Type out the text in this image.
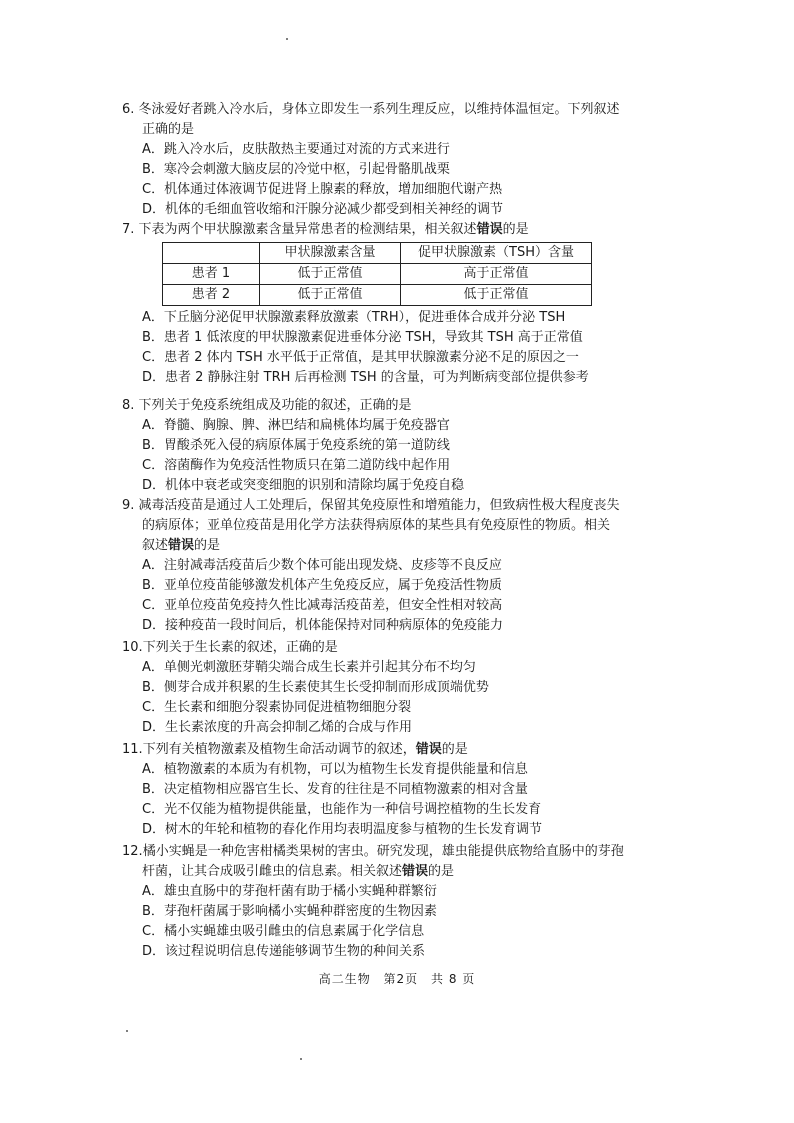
6. 冬泳爱好者跳入冷水后，身体立即发生一系列生理反应，以维持体温恒定。下列叙述
正确的是
A．跳入冷水后，皮肤散热主要通过对流的方式来进行
B．寒冷会刺激大脑皮层的冷觉中枢，引起骨骼肌战栗
C．机体通过体液调节促进肾上腺素的释放，增加细胞代谢产热
D．机体的毛细血管收缩和汗腺分泌减少都受到相关神经的调节
7. 下表为两个甲状腺激素含量异常患者的检测结果，相关叙述错误的是
	甲状腺激素含量	促甲状腺激素（TSH）含量
患者 1	低于正常值	高于正常值
患者 2	低于正常值	低于正常值
A．下丘脑分泌促甲状腺激素释放激素（TRH），促进垂体合成并分泌 TSH
B．患者 1 低浓度的甲状腺激素促进垂体分泌 TSH，导致其 TSH 高于正常值
C．患者 2 体内 TSH 水平低于正常值，是其甲状腺激素分泌不足的原因之一
D．患者 2 静脉注射 TRH 后再检测 TSH 的含量，可为判断病变部位提供参考
8. 下列关于免疫系统组成及功能的叙述，正确的是
A．脊髓、胸腺、脾、淋巴结和扁桃体均属于免疫器官
B．胃酸杀死入侵的病原体属于免疫系统的第一道防线
C．溶菌酶作为免疫活性物质只在第二道防线中起作用
D．机体中衰老或突变细胞的识别和清除均属于免疫自稳
9. 减毒活疫苗是通过人工处理后，保留其免疫原性和增殖能力，但致病性极大程度丧失
的病原体；亚单位疫苗是用化学方法获得病原体的某些具有免疫原性的物质。相关
叙述错误的是
A．注射减毒活疫苗后少数个体可能出现发烧、皮疹等不良反应
B．亚单位疫苗能够激发机体产生免疫反应，属于免疫活性物质
C．亚单位疫苗免疫持久性比减毒活疫苗差，但安全性相对较高
D．接种疫苗一段时间后，机体能保持对同种病原体的免疫能力
10.下列关于生长素的叙述，正确的是
A．单侧光刺激胚芽鞘尖端合成生长素并引起其分布不均匀
B．侧芽合成并积累的生长素使其生长受抑制而形成顶端优势
C．生长素和细胞分裂素协同促进植物细胞分裂
D．生长素浓度的升高会抑制乙烯的合成与作用
11.下列有关植物激素及植物生命活动调节的叙述，错误的是
A．植物激素的本质为有机物，可以为植物生长发育提供能量和信息
B．决定植物相应器官生长、发育的往往是不同植物激素的相对含量
C．光不仅能为植物提供能量，也能作为一种信号调控植物的生长发育
D．树木的年轮和植物的春化作用均表明温度参与植物的生长发育调节
12.橘小实蝇是一种危害柑橘类果树的害虫。研究发现，雄虫能提供底物给直肠中的芽孢
杆菌，让其合成吸引雌虫的信息素。相关叙述错误的是
A．雄虫直肠中的芽孢杆菌有助于橘小实蝇种群繁衍
B．芽孢杆菌属于影响橘小实蝇种群密度的生物因素
C．橘小实蝇雄虫吸引雌虫的信息素属于化学信息
D．该过程说明信息传递能够调节生物的种间关系
高二生物 第2页 共 8 页
